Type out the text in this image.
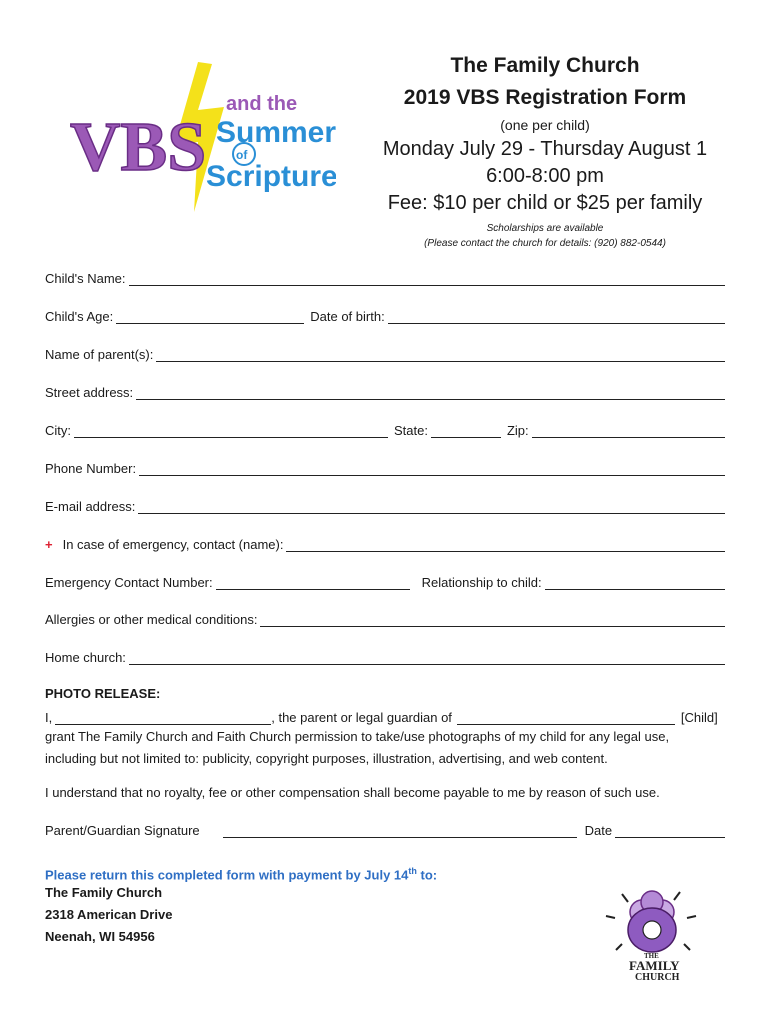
VBS
and the
Summer
of
Scripture
The Family Church
2019 VBS Registration Form
(one per child)
Monday July 29 - Thursday August 1
6:00-8:00 pm
Fee: $10 per child or $25 per family
Scholarships are available
(Please contact the church for details: (920) 882-0544)
Child's Name:
Child's Age:	Date of birth:
Name of parent(s):
Street address:
City:	State:	Zip:
Phone Number:
E-mail address:
+ In case of emergency, contact (name):
Emergency Contact Number:	Relationship to child:
Allergies or other medical conditions:
Home church:
PHOTO RELEASE:
I,	, the parent or legal guardian of	[Child]
grant The Family Church and Faith Church permission to take/use photographs of my child for any legal use,
including but not limited to: publicity, copyright purposes, illustration, advertising, and web content.
I understand that no royalty, fee or other compensation shall become payable to me by reason of such use.
Parent/Guardian Signature	Date
Please return this completed form with payment by July 14th to:
The Family Church
2318 American Drive
Neenah, WI 54956
THE
FAMILY
CHURCH
